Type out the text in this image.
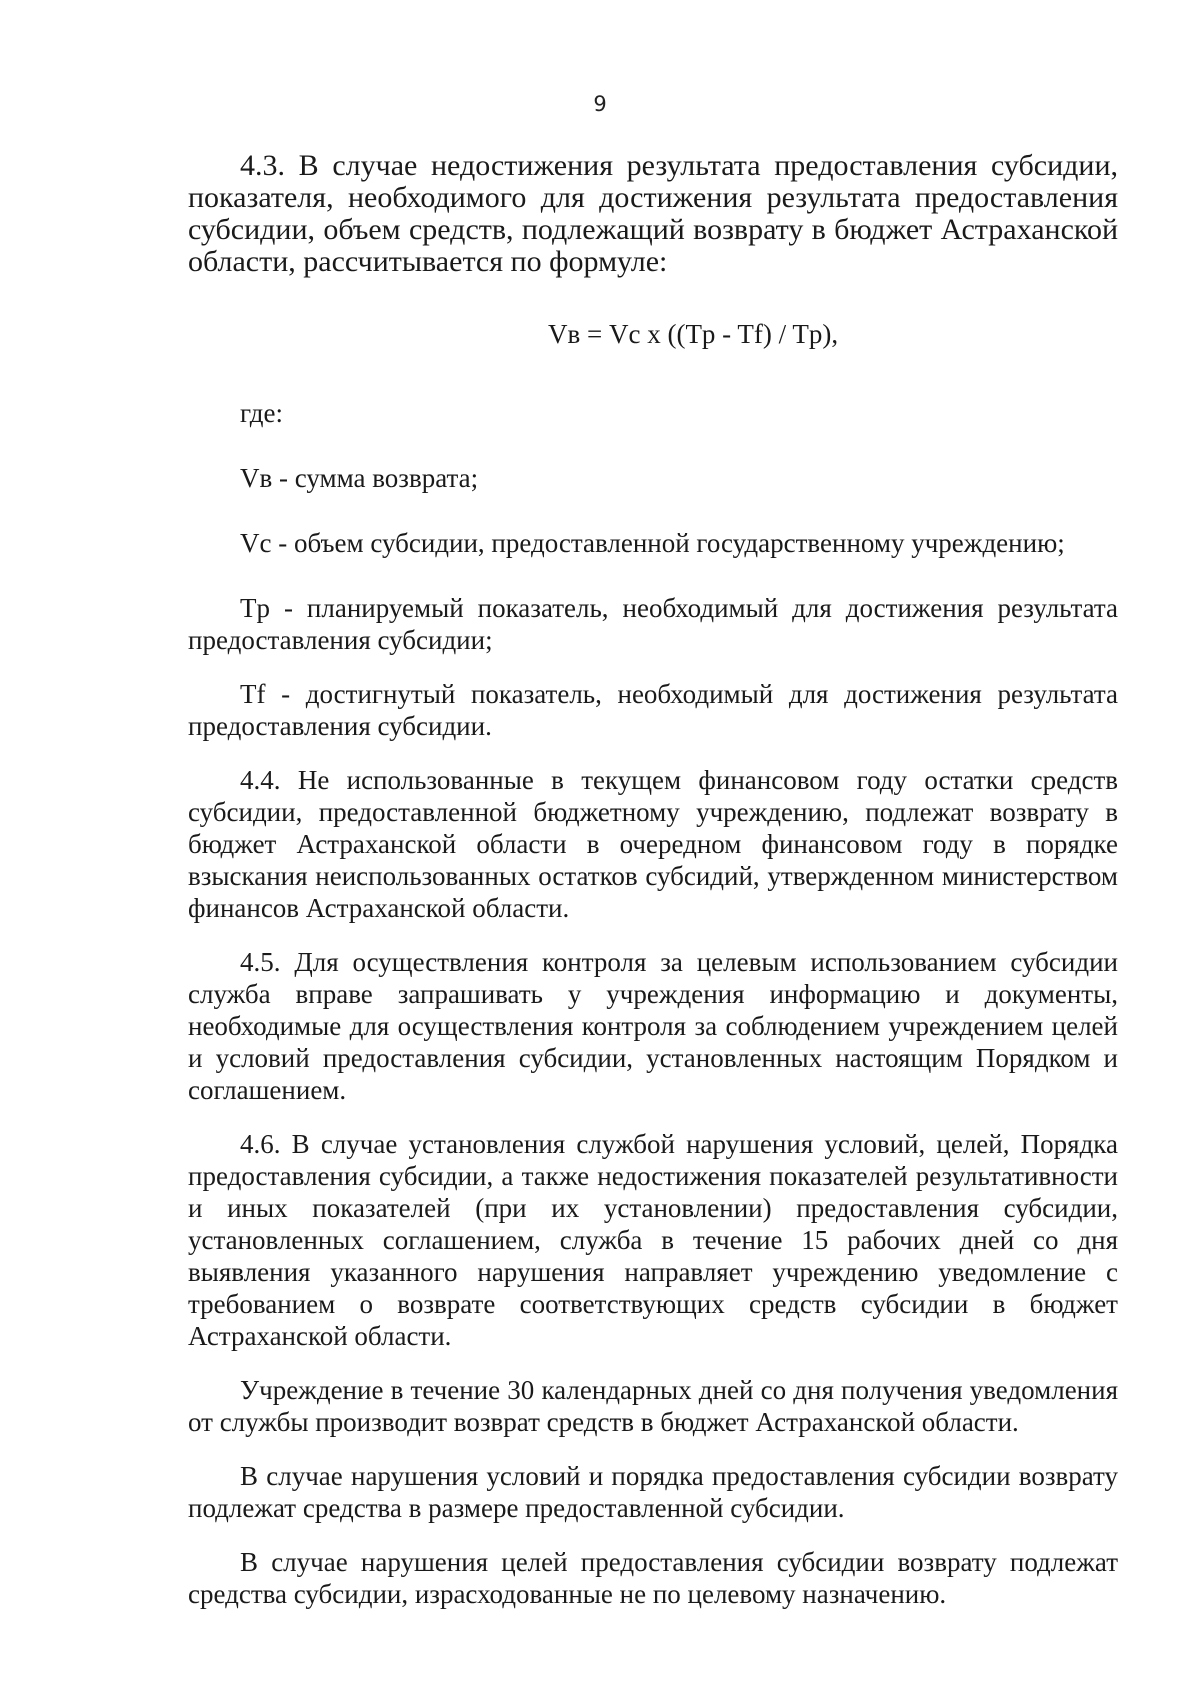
9

4.3. В случае недостижения результата предоставления субсидии, показателя, необходимого для достижения результата предоставления субсидии, объем средств, подлежащий возврату в бюджет Астраханской области, рассчитывается по формуле:

Vв = Vc x ((Tp - Tf) / Tp),

где:

Vв - сумма возврата;

Vc - объем субсидии, предоставленной государственному учреждению;

Tp - планируемый показатель, необходимый для достижения результата предоставления субсидии;

Tf - достигнутый показатель, необходимый для достижения результата предоставления субсидии.

4.4. Не использованные в текущем финансовом году остатки средств субсидии, предоставленной бюджетному учреждению, подлежат возврату в бюджет Астраханской области в очередном финансовом году в порядке взыскания неиспользованных остатков субсидий, утвержденном министерством финансов Астраханской области.

4.5. Для осуществления контроля за целевым использованием субсидии служба вправе запрашивать у учреждения информацию и документы, необходимые для осуществления контроля за соблюдением учреждением целей и условий предоставления субсидии, установленных настоящим Порядком и соглашением.

4.6. В случае установления службой нарушения условий, целей, Порядка предоставления субсидии, а также недостижения показателей результативности и иных показателей (при их установлении) предоставления субсидии, установленных соглашением, служба в течение 15 рабочих дней со дня выявления указанного нарушения направляет учреждению уведомление с требованием о возврате соответствующих средств субсидии в бюджет Астраханской области.

Учреждение в течение 30 календарных дней со дня получения уведомления от службы производит возврат средств в бюджет Астраханской области.

В случае нарушения условий и порядка предоставления субсидии возврату подлежат средства в размере предоставленной субсидии.

В случае нарушения целей предоставления субсидии возврату подлежат средства субсидии, израсходованные не по целевому назначению.
